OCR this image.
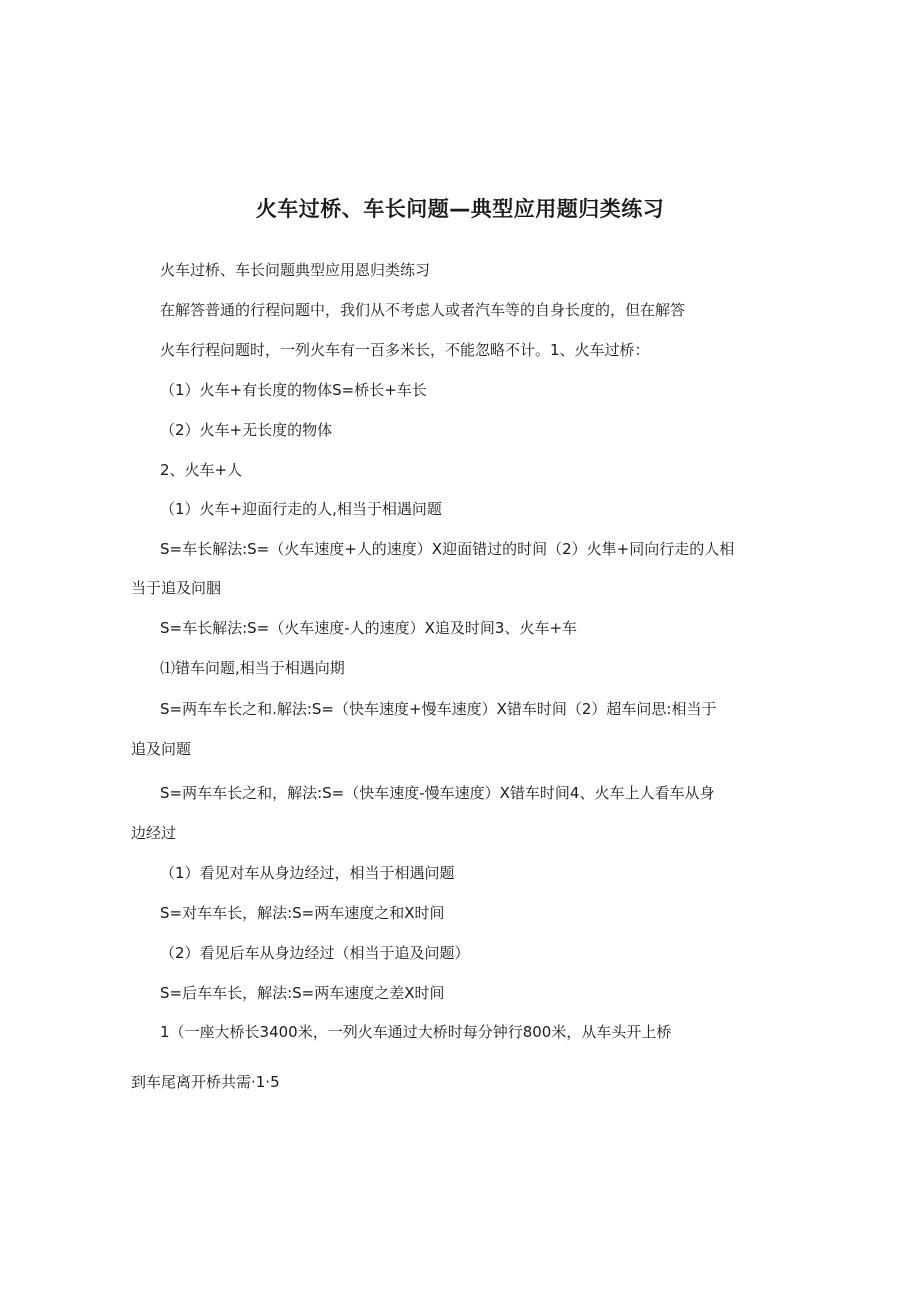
火车过桥、车长问题—典型应用题归类练习
火车过桥、车长问题典型应用恩归类练习
在解答普通的行程问题中，我们从不考虑人或者汽车等的自身长度的，但在解答
火车行程问题时，一列火车有一百多米长，不能忽略不计。1、火车过桥：
（1）火车+有长度的物体S=桥长+车长
（2）火车+无长度的物体
2、火车+人
（1）火车+迎面行走的人,相当于相遇问题
S=车长解法:S=（火车速度+人的速度）X迎面错过的时间（2）火隼+同向行走的人相
当于追及问胭
S=车长解法:S=（火车速度-人的速度）X追及时间3、火车+车
⑴错车问题,相当于相遇向期
S=两车车长之和.解法:S=（快车速度+慢车速度）X错车时间（2）超车问思:相当于
追及问题
S=两车车长之和，解法:S=（快车速度-慢车速度）X错车时间4、火车上人看车从身
边经过
（1）看见对车从身边经过，相当于相遇问题
S=对车车长，解法:S=两车速度之和X时间
（2）看见后车从身边经过（相当于追及问题）
S=后车车长，解法:S=两车速度之差X时间
1（一座大桥长3400米，一列火车通过大桥时每分钟行800米，从车头开上桥
到车尾离开桥共需·1·5
